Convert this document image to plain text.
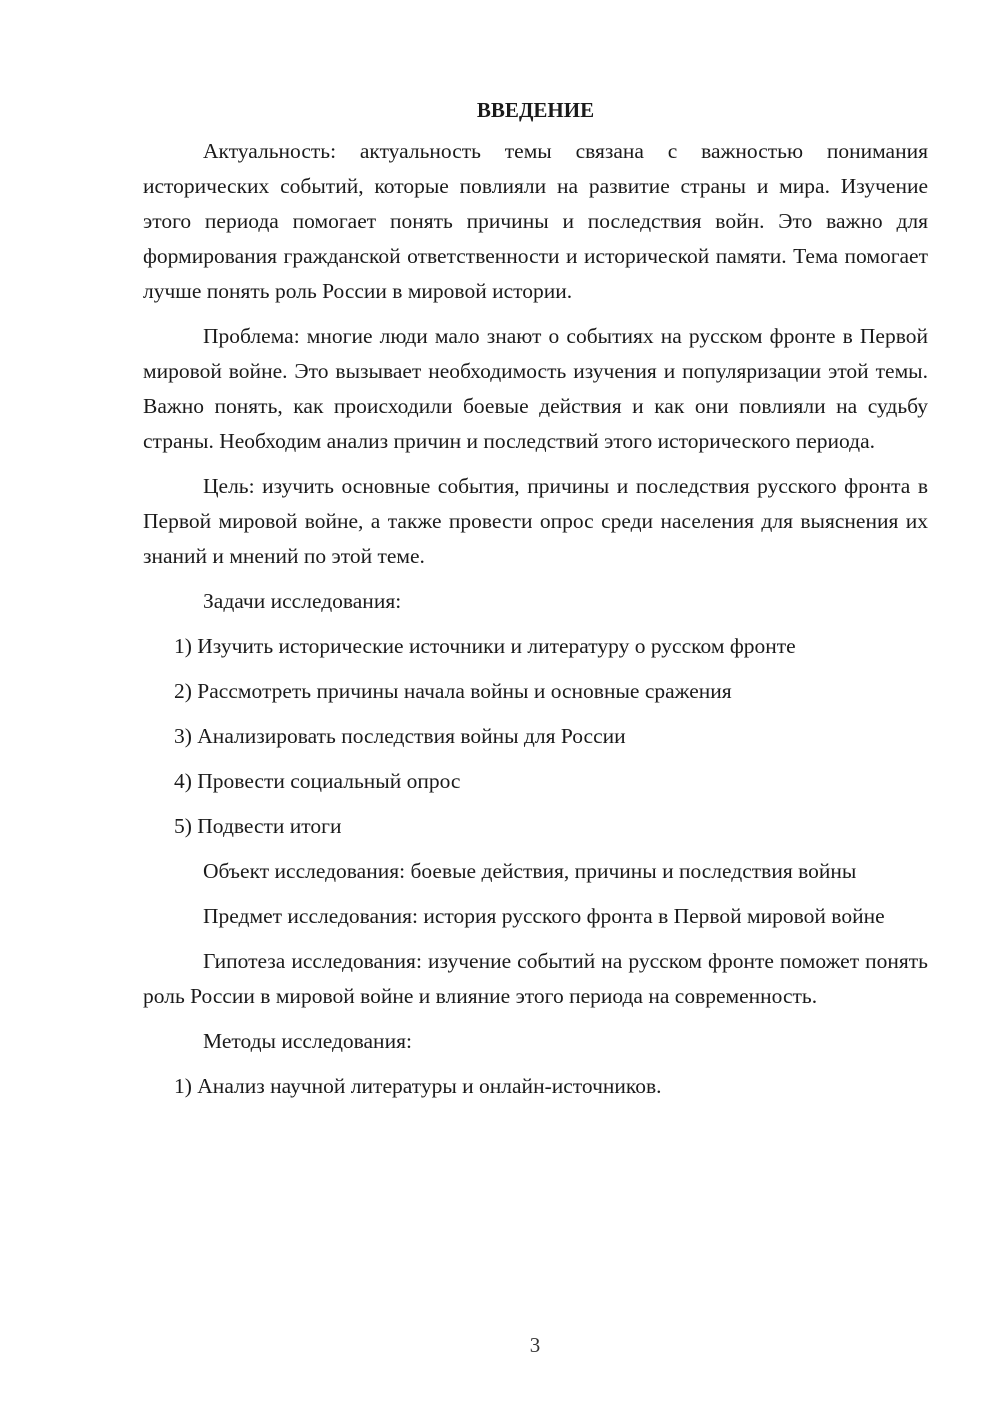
ВВЕДЕНИЕ

Актуальность: актуальность темы связана с важностью понимания исторических событий, которые повлияли на развитие страны и мира. Изучение этого периода помогает понять причины и последствия войн. Это важно для формирования гражданской ответственности и исторической памяти. Тема помогает лучше понять роль России в мировой истории.

Проблема: многие люди мало знают о событиях на русском фронте в Первой мировой войне. Это вызывает необходимость изучения и популяризации этой темы. Важно понять, как происходили боевые действия и как они повлияли на судьбу страны. Необходим анализ причин и последствий этого исторического периода.

Цель: изучить основные события, причины и последствия русского фронта в Первой мировой войне, а также провести опрос среди населения для выяснения их знаний и мнений по этой теме.

Задачи исследования:

1) Изучить исторические источники и литературу о русском фронте
2) Рассмотреть причины начала войны и основные сражения
3) Анализировать последствия войны для России
4) Провести социальный опрос
5) Подвести итоги

Объект исследования: боевые действия, причины и последствия войны

Предмет исследования: история русского фронта в Первой мировой войне

Гипотеза исследования: изучение событий на русском фронте поможет понять роль России в мировой войне и влияние этого периода на современность.

Методы исследования:

1) Анализ научной литературы и онлайн-источников.
3
